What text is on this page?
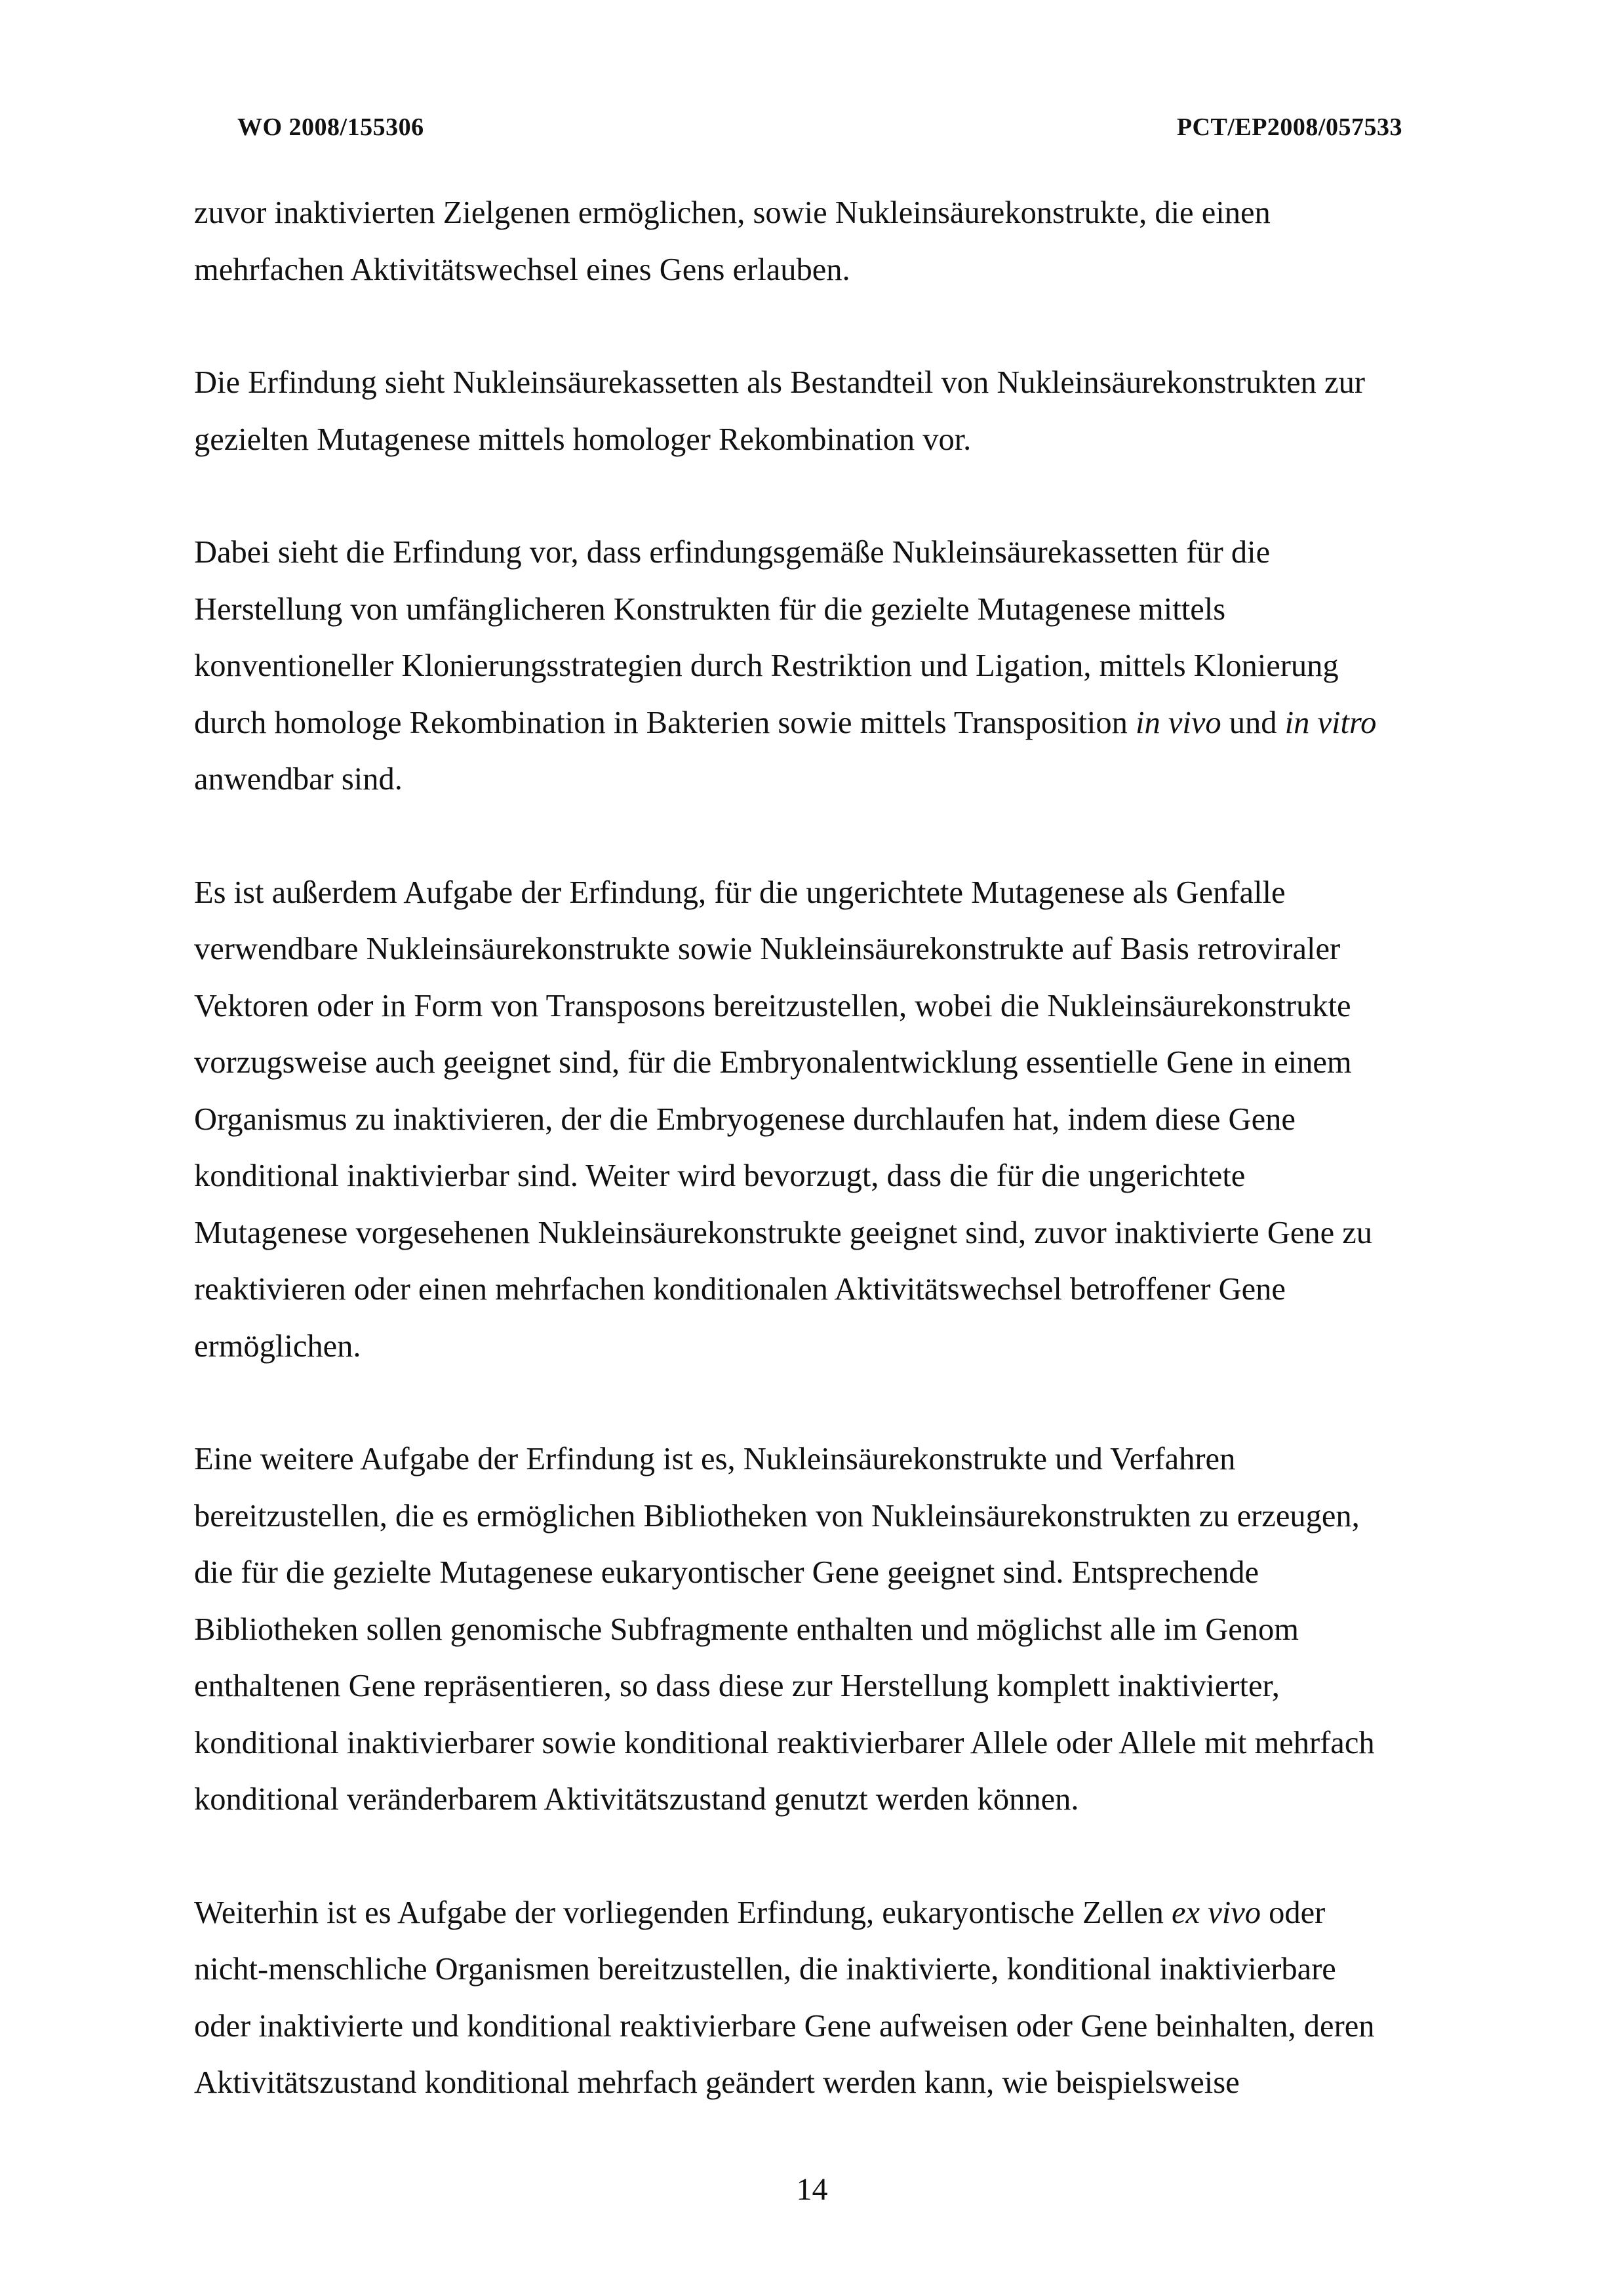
WO 2008/155306	PCT/EP2008/057533

zuvor inaktivierten Zielgenen ermöglichen, sowie Nukleinsäurekonstrukte, die einen
mehrfachen Aktivitätswechsel eines Gens erlauben.

Die Erfindung sieht Nukleinsäurekassetten als Bestandteil von Nukleinsäurekonstrukten zur
gezielten Mutagenese mittels homologer Rekombination vor.

Dabei sieht die Erfindung vor, dass erfindungsgemäße Nukleinsäurekassetten für die
Herstellung von umfänglicheren Konstrukten für die gezielte Mutagenese mittels
konventioneller Klonierungsstrategien durch Restriktion und Ligation, mittels Klonierung
durch homologe Rekombination in Bakterien sowie mittels Transposition in vivo und in vitro
anwendbar sind.

Es ist außerdem Aufgabe der Erfindung, für die ungerichtete Mutagenese als Genfalle
verwendbare Nukleinsäurekonstrukte sowie Nukleinsäurekonstrukte auf Basis retroviraler
Vektoren oder in Form von Transposons bereitzustellen, wobei die Nukleinsäurekonstrukte
vorzugsweise auch geeignet sind, für die Embryonalentwicklung essentielle Gene in einem
Organismus zu inaktivieren, der die Embryogenese durchlaufen hat, indem diese Gene
konditional inaktivierbar sind. Weiter wird bevorzugt, dass die für die ungerichtete
Mutagenese vorgesehenen Nukleinsäurekonstrukte geeignet sind, zuvor inaktivierte Gene zu
reaktivieren oder einen mehrfachen konditionalen Aktivitätswechsel betroffener Gene
ermöglichen.

Eine weitere Aufgabe der Erfindung ist es, Nukleinsäurekonstrukte und Verfahren
bereitzustellen, die es ermöglichen Bibliotheken von Nukleinsäurekonstrukten zu erzeugen,
die für die gezielte Mutagenese eukaryontischer Gene geeignet sind. Entsprechende
Bibliotheken sollen genomische Subfragmente enthalten und möglichst alle im Genom
enthaltenen Gene repräsentieren, so dass diese zur Herstellung komplett inaktivierter,
konditional inaktivierbarer sowie konditional reaktivierbarer Allele oder Allele mit mehrfach
konditional veränderbarem Aktivitätszustand genutzt werden können.

Weiterhin ist es Aufgabe der vorliegenden Erfindung, eukaryontische Zellen ex vivo oder
nicht-menschliche Organismen bereitzustellen, die inaktivierte, konditional inaktivierbare
oder inaktivierte und konditional reaktivierbare Gene aufweisen oder Gene beinhalten, deren
Aktivitätszustand konditional mehrfach geändert werden kann, wie beispielsweise

14
